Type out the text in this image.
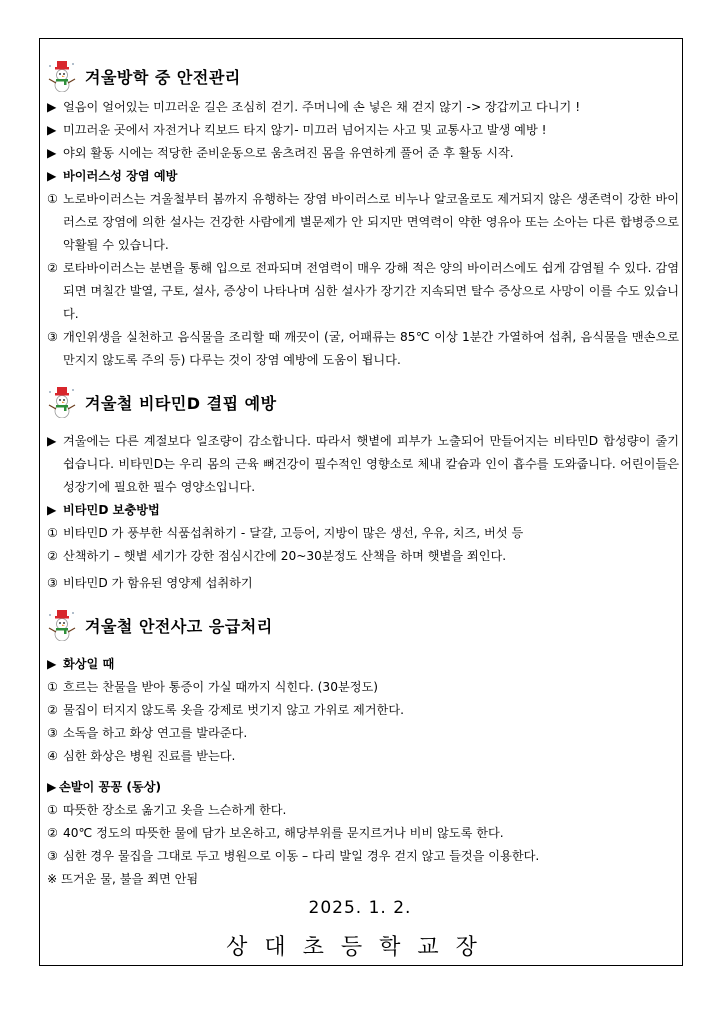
겨울방학 중 안전관리
▶ 얼음이 얼어있는 미끄러운 길은 조심히 걷기. 주머니에 손 넣은 채 걷지 않기 -> 장갑끼고 다니기 !
▶ 미끄러운 곳에서 자전거나 킥보드 타지 않기- 미끄러 넘어지는 사고 및 교통사고 발생 예방 !
▶ 야외 활동 시에는 적당한 준비운동으로 움츠려진 몸을 유연하게 풀어 준 후 활동 시작.
▶ 바이러스성 장염 예방
① 노로바이러스는 겨울철부터 봄까지 유행하는 장염 바이러스로 비누나 알코올로도 제거되지 않은 생존력이 강한 바이러스로 장염에 의한 설사는 건강한 사람에게 별문제가 안 되지만 면역력이 약한 영유아 또는 소아는 다른 합병증으로 악활될 수 있습니다.
② 로타바이러스는 분변을 통해 입으로 전파되며 전염력이 매우 강해 적은 양의 바이러스에도 쉽게 감염될 수 있다. 감염되면 며칠간 발열, 구토, 설사, 증상이 나타나며 심한 설사가 장기간 지속되면 탈수 증상으로 사망이 이를 수도 있습니다.
③ 개인위생을 실천하고 음식물을 조리할 때 깨끗이 (굴, 어패류는 85℃ 이상 1분간 가열하여 섭취, 음식물을 맨손으로 만지지 않도록 주의 등) 다루는 것이 장염 예방에 도움이 됩니다.
겨울철 비타민D 결핍 예방
▶ 겨울에는 다른 계절보다 일조량이 감소합니다. 따라서 햇볕에 피부가 노출되어 만들어지는 비타민D 합성량이 줄기 쉽습니다. 비타민D는 우리 몸의 근육 뼈건강이 필수적인 영향소로 체내 칼슘과 인이 흡수를 도와줍니다. 어린이들은 성장기에 필요한 필수 영양소입니다.
▶ 비타민D 보충방법
① 비타민D 가 풍부한 식품섭취하기 - 달걀, 고등어, 지방이 많은 생선, 우유, 치즈, 버섯 등
② 산책하기 – 햇볕 세기가 강한 점심시간에 20~30분정도 산책을 하며 햇볕을 쬐인다.
③ 비타민D 가 함유된 영양제 섭취하기
겨울철 안전사고 응급처리
▶ 화상일 때
① 흐르는 찬물을 받아 통증이 가실 때까지 식힌다. (30분정도)
② 물집이 터지지 않도록 옷을 강제로 벗기지 않고 가위로 제거한다.
③ 소독을 하고 화상 연고를 발라준다.
④ 심한 화상은 병원 진료를 받는다.
▶ 손발이 꽁꽁 (동상)
① 따뜻한 장소로 옮기고 옷을 느슨하게 한다.
② 40℃ 정도의 따뜻한 물에 담가 보온하고, 해당부위를 문지르거나 비비 않도록 한다.
③ 심한 경우 물집을 그대로 두고 병원으로 이동 – 다리 발일 경우 걷지 않고 들것을 이용한다.
※ 뜨거운 물, 불을 쬐면 안됨
2025. 1. 2.
상대초등학교장
